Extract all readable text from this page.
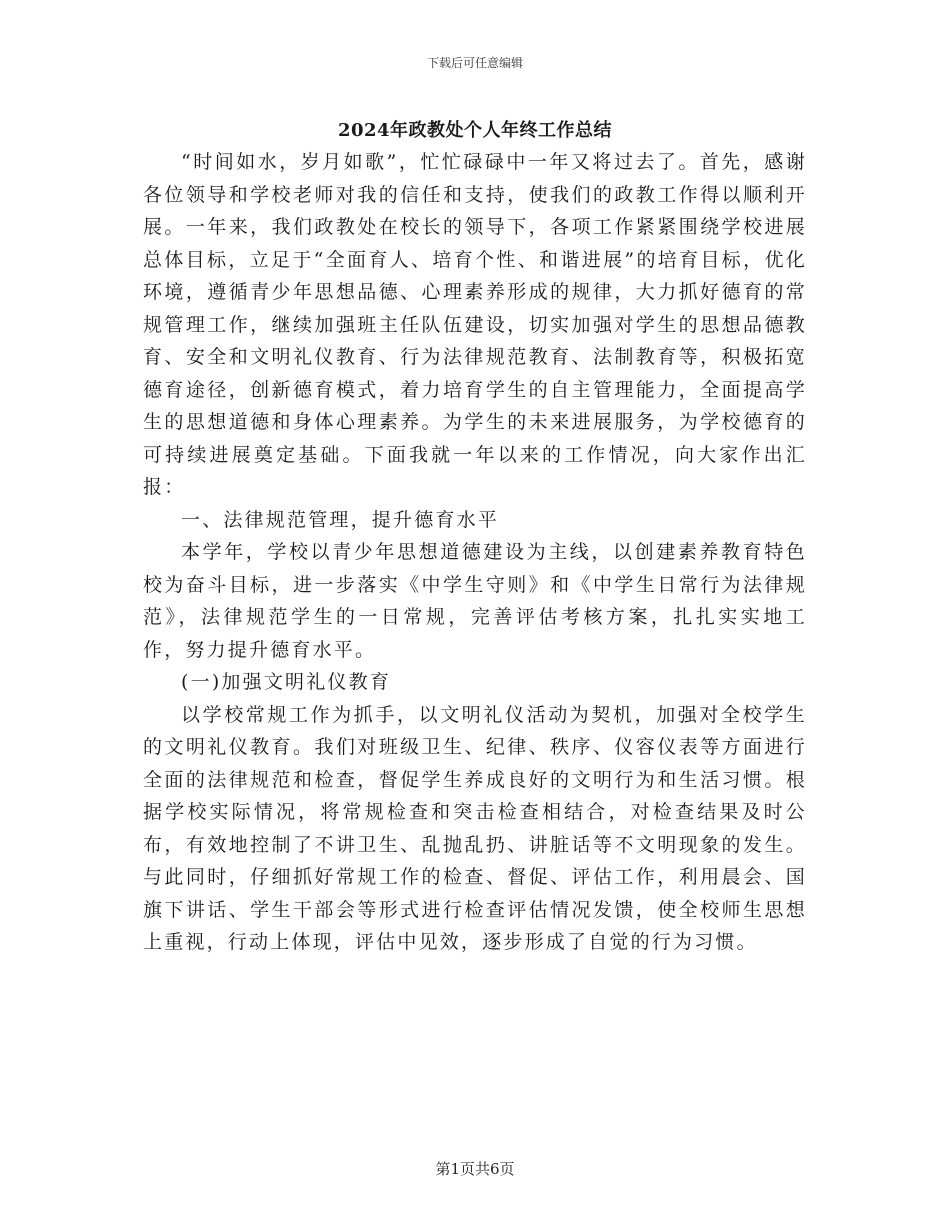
下载后可任意编辑
2024年政教处个人年终工作总结

“时间如水，岁月如歌”，忙忙碌碌中一年又将过去了。首先，感谢各位领导和学校老师对我的信任和支持，使我们的政教工作得以顺利开展。一年来，我们政教处在校长的领导下，各项工作紧紧围绕学校进展总体目标，立足于“全面育人、培育个性、和谐进展”的培育目标，优化环境，遵循青少年思想品德、心理素养形成的规律，大力抓好德育的常规管理工作，继续加强班主任队伍建设，切实加强对学生的思想品德教育、安全和文明礼仪教育、行为法律规范教育、法制教育等，积极拓宽德育途径，创新德育模式，着力培育学生的自主管理能力，全面提高学生的思想道德和身体心理素养。为学生的未来进展服务，为学校德育的可持续进展奠定基础。下面我就一年以来的工作情况，向大家作出汇报：

一、法律规范管理，提升德育水平

本学年，学校以青少年思想道德建设为主线，以创建素养教育特色校为奋斗目标，进一步落实《中学生守则》和《中学生日常行为法律规范》，法律规范学生的一日常规，完善评估考核方案，扎扎实实地工作，努力提升德育水平。

(一)加强文明礼仪教育

以学校常规工作为抓手，以文明礼仪活动为契机，加强对全校学生的文明礼仪教育。我们对班级卫生、纪律、秩序、仪容仪表等方面进行全面的法律规范和检查，督促学生养成良好的文明行为和生活习惯。根据学校实际情况，将常规检查和突击检查相结合，对检查结果及时公布，有效地控制了不讲卫生、乱抛乱扔、讲脏话等不文明现象的发生。与此同时，仔细抓好常规工作的检查、督促、评估工作，利用晨会、国旗下讲话、学生干部会等形式进行检查评估情况发馈，使全校师生思想上重视，行动上体现，评估中见效，逐步形成了自觉的行为习惯。

第1页共6页
